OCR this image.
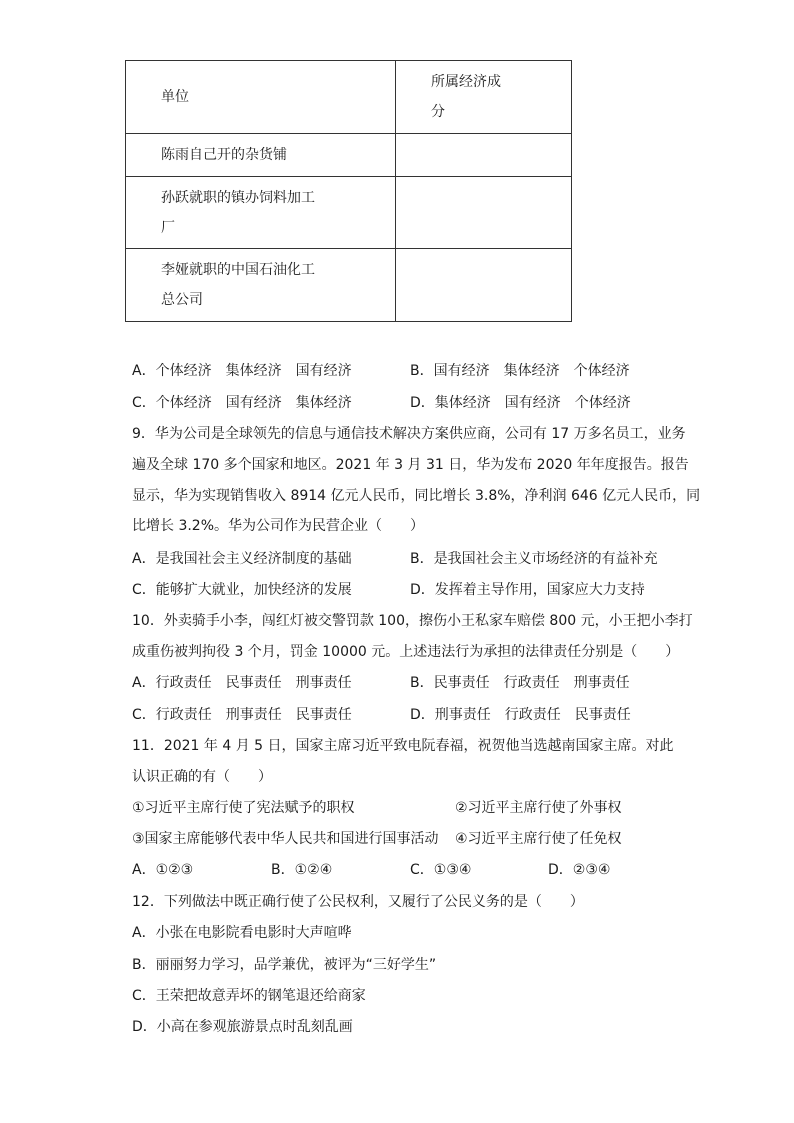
单位	所属经济成
分

陈雨自己开的杂货铺	

孙跃就职的镇办饲料加工
厂	

李娅就职的中国石油化工
总公司	

A．个体经济　集体经济　国有经济	B．国有经济　集体经济　个体经济
C．个体经济　国有经济　集体经济	D．集体经济　国有经济　个体经济
9．华为公司是全球领先的信息与通信技术解决方案供应商，公司有 17 万多名员工，业务
遍及全球 170 多个国家和地区。2021 年 3 月 31 日，华为发布 2020 年年度报告。报告
显示，华为实现销售收入 8914 亿元人民币，同比增长 3.8%，净利润 646 亿元人民币，同
比增长 3.2%。华为公司作为民营企业（　　）
A．是我国社会主义经济制度的基础	B．是我国社会主义市场经济的有益补充
C．能够扩大就业，加快经济的发展	D．发挥着主导作用，国家应大力支持
10．外卖骑手小李，闯红灯被交警罚款 100，擦伤小王私家车赔偿 800 元，小王把小李打
成重伤被判拘役 3 个月，罚金 10000 元。上述违法行为承担的法律责任分别是（　　）
A．行政责任　民事责任　刑事责任	B．民事责任　行政责任　刑事责任
C．行政责任　刑事责任　民事责任	D．刑事责任　行政责任　民事责任
11．2021 年 4 月 5 日，国家主席习近平致电阮春福，祝贺他当选越南国家主席。对此
认识正确的有（　　）
①习近平主席行使了宪法赋予的职权	②习近平主席行使了外事权
③国家主席能够代表中华人民共和国进行国事活动 ④习近平主席行使了任免权
A．①②③	B．①②④	C．①③④	D．②③④
12．下列做法中既正确行使了公民权利，又履行了公民义务的是（　　）
A．小张在电影院看电影时大声喧哗
B．丽丽努力学习，品学兼优，被评为“三好学生”
C．王荣把故意弄坏的钢笔退还给商家
D．小高在参观旅游景点时乱刻乱画
